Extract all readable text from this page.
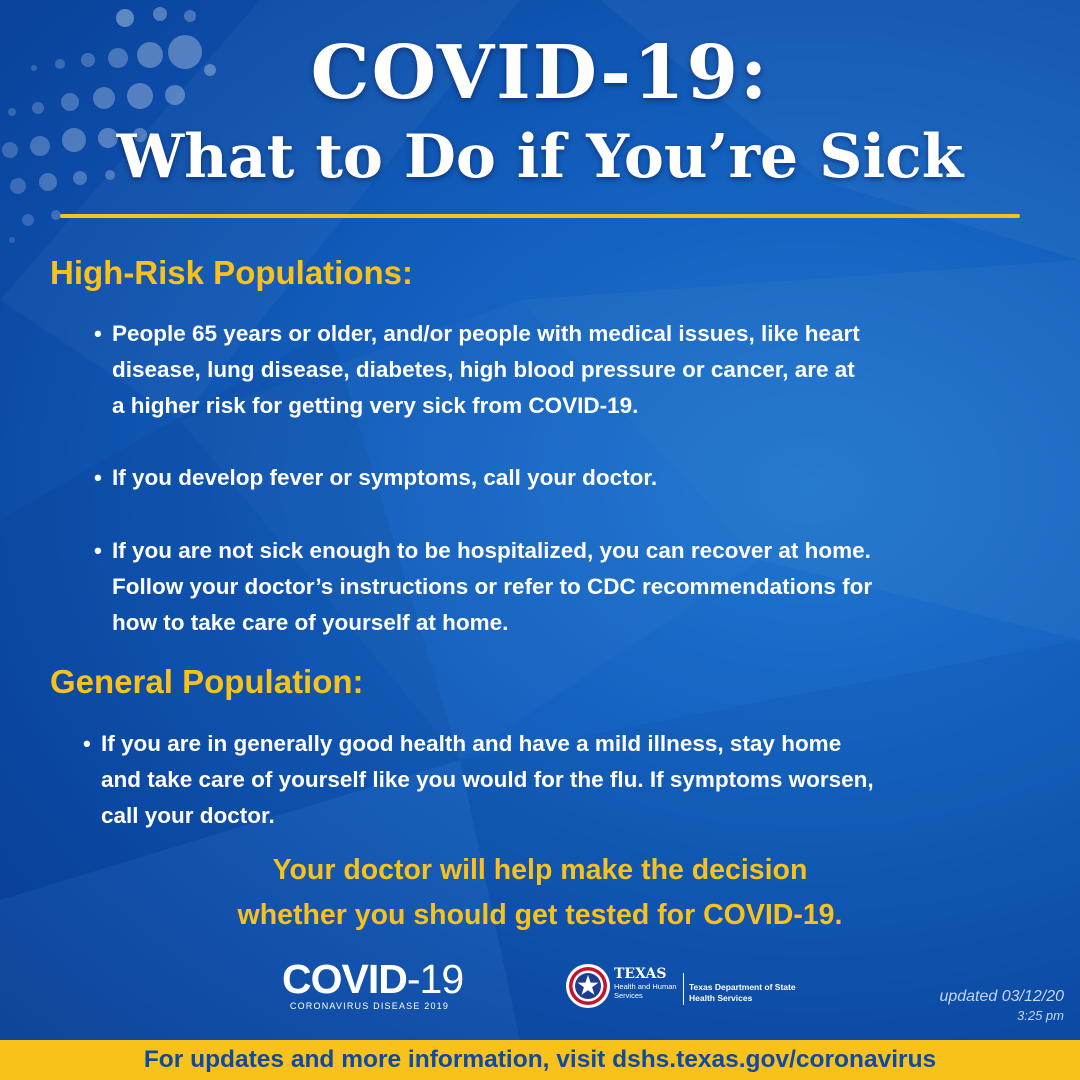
COVID-19:
What to Do if You’re Sick
High-Risk Populations:
• People 65 years or older, and/or people with medical issues, like heart
disease, lung disease, diabetes, high blood pressure or cancer, are at
a higher risk for getting very sick from COVID-19.
• If you develop fever or symptoms, call your doctor.
• If you are not sick enough to be hospitalized, you can recover at home.
Follow your doctor’s instructions or refer to CDC recommendations for
how to take care of yourself at home.
General Population:
• If you are in generally good health and have a mild illness, stay home
and take care of yourself like you would for the flu. If symptoms worsen,
call your doctor.
Your doctor will help make the decision
whether you should get tested for COVID-19.
COVID-19
CORONAVIRUS DISEASE 2019
TEXAS
Health and Human
Services
Texas Department of State
Health Services	updated 03/12/20
3:25 pm
For updates and more information, visit dshs.texas.gov/coronavirus
